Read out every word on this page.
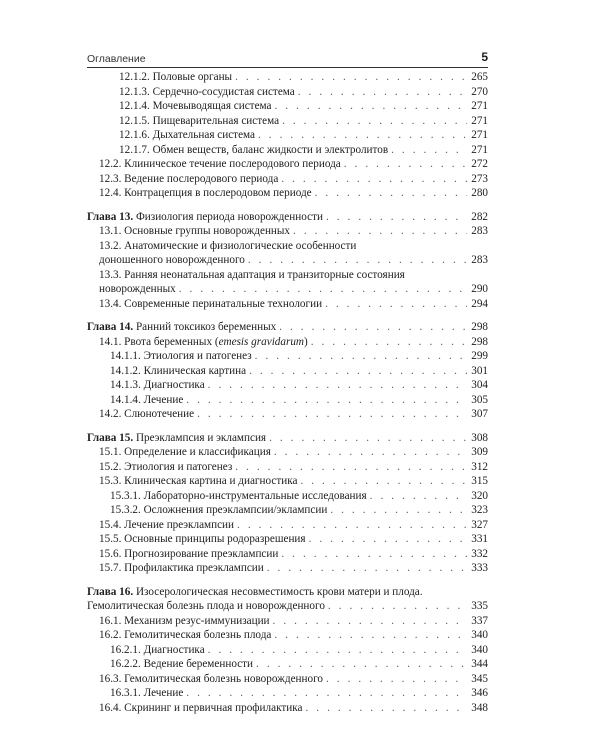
Оглавление	5
12.1.2. Половые органы . . .	265
12.1.3. Сердечно-сосудистая система . . .	270
12.1.4. Мочевыводящая система . . .	271
12.1.5. Пищеварительная система . . .	271
12.1.6. Дыхательная система . . .	271
12.1.7. Обмен веществ, баланс жидкости и электролитов . . .	271
12.2. Клиническое течение послеродового периода . . .	272
12.3. Ведение послеродового периода . . .	273
12.4. Контрацепция в послеродовом периоде . . .	280
Глава 13. Физиология периода новорожденности . . .	282
13.1. Основные группы новорожденных . . .	283
13.2. Анатомические и физиологические особенности
доношенного новорожденного . . .	283
13.3. Ранняя неонатальная адаптация и транзиторные состояния
новорожденных . . .	290
13.4. Современные перинатальные технологии . . .	294
Глава 14. Ранний токсикоз беременных . . .	298
14.1. Рвота беременных (emesis gravidarum) . . .	298
14.1.1. Этиология и патогенез . . .	299
14.1.2. Клиническая картина . . .	301
14.1.3. Диагностика . . .	304
14.1.4. Лечение . . .	305
14.2. Слюнотечение . . .	307
Глава 15. Преэклампсия и эклампсия . . .	308
15.1. Определение и классификация . . .	309
15.2. Этиология и патогенез . . .	312
15.3. Клиническая картина и диагностика . . .	315
15.3.1. Лабораторно-инструментальные исследования . . .	320
15.3.2. Осложнения преэклампсии/эклампсии . . .	323
15.4. Лечение преэклампсии . . .	327
15.5. Основные принципы родоразрешения . . .	331
15.6. Прогнозирование преэклампсии . . .	332
15.7. Профилактика преэклампсии . . .	333
Глава 16. Изосерологическая несовместимость крови матери и плода.
Гемолитическая болезнь плода и новорожденного . . .	335
16.1. Механизм резус-иммунизации . . .	337
16.2. Гемолитическая болезнь плода . . .	340
16.2.1. Диагностика . . .	340
16.2.2. Ведение беременности . . .	344
16.3. Гемолитическая болезнь новорожденного . . .	345
16.3.1. Лечение . . .	346
16.4. Скрининг и первичная профилактика . . .	348
